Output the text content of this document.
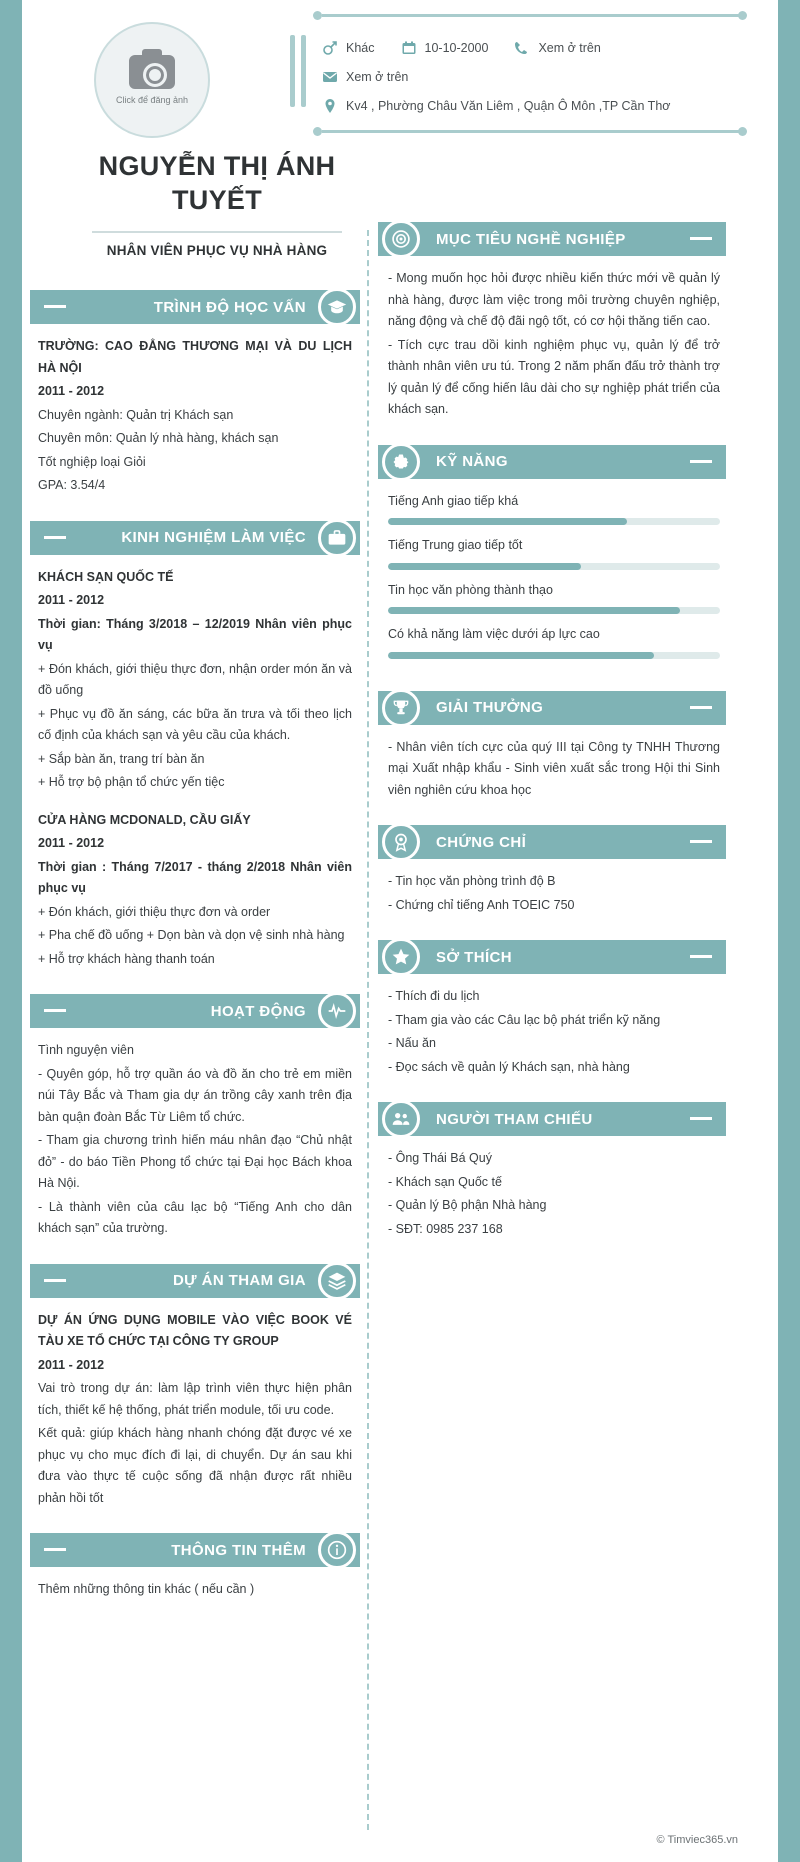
Click để đăng ảnh
Khác	10-10-2000	Xem ở trên
Xem ở trên
Kv4 , Phường Châu Văn Liêm , Quận Ô Môn ,TP Cần Thơ
NGUYỄN THỊ ÁNH TUYẾT
NHÂN VIÊN PHỤC VỤ NHÀ HÀNG
TRÌNH ĐỘ HỌC VẤN

TRƯỜNG: CAO ĐẲNG THƯƠNG MẠI VÀ DU LỊCH HÀ NỘI

2011 - 2012

Chuyên ngành: Quản trị Khách sạn

Chuyên môn: Quản lý nhà hàng, khách sạn

Tốt nghiệp loại Giỏi

GPA: 3.54/4

KINH NGHIỆM LÀM VIỆC

KHÁCH SẠN QUỐC TẾ

2011 - 2012

Thời gian: Tháng 3/2018 – 12/2019 Nhân viên phục vụ

+ Đón khách, giới thiệu thực đơn, nhận order món ăn và đồ uống

+ Phục vụ đồ ăn sáng, các bữa ăn trưa và tối theo lịch cố định của khách sạn và yêu cầu của khách.

+ Sắp bàn ăn, trang trí bàn ăn

+ Hỗ trợ bộ phận tổ chức yến tiệc

CỬA HÀNG MCDONALD, CẦU GIẤY

2011 - 2012

Thời gian : Tháng 7/2017 - tháng 2/2018 Nhân viên phục vụ

+ Đón khách, giới thiệu thực đơn và order

+ Pha chế đồ uống + Dọn bàn và dọn vệ sinh nhà hàng

+ Hỗ trợ khách hàng thanh toán

HOẠT ĐỘNG

Tình nguyện viên

- Quyên góp, hỗ trợ quần áo và đồ ăn cho trẻ em miền núi Tây Bắc và Tham gia dự án trồng cây xanh trên địa bàn quận đoàn Bắc Từ Liêm tổ chức.

- Tham gia chương trình hiến máu nhân đạo “Chủ nhật đỏ” - do báo Tiền Phong tổ chức tại Đại học Bách khoa Hà Nội.

- Là thành viên của câu lạc bộ “Tiếng Anh cho dân khách sạn” của trường.

DỰ ÁN THAM GIA

DỰ ÁN ỨNG DỤNG MOBILE VÀO VIỆC BOOK VÉ TÀU XE TỔ CHỨC TẠI CÔNG TY GROUP

2011 - 2012

Vai trò trong dự án: làm lập trình viên thực hiện phân tích, thiết kế hệ thống, phát triển module, tối ưu code.

Kết quả: giúp khách hàng nhanh chóng đặt được vé xe phục vụ cho mục đích đi lại, di chuyển. Dự án sau khi đưa vào thực tế cuộc sống đã nhận được rất nhiều phản hồi tốt

THÔNG TIN THÊM

Thêm những thông tin khác ( nếu cần )

MỤC TIÊU NGHỀ NGHIỆP

- Mong muốn học hỏi được nhiều kiến thức mới về quản lý nhà hàng, được làm việc trong môi trường chuyên nghiệp, năng động và chế độ đãi ngộ tốt, có cơ hội thăng tiến cao.

- Tích cực trau dồi kinh nghiệm phục vụ, quản lý để trở thành nhân viên ưu tú. Trong 2 năm phấn đấu trở thành trợ lý quản lý để cống hiến lâu dài cho sự nghiệp phát triển của khách sạn.

KỸ NĂNG
Tiếng Anh giao tiếp khá
Tiếng Trung giao tiếp tốt
Tin học văn phòng thành thạo
Có khả năng làm việc dưới áp lực cao
GIẢI THƯỞNG

- Nhân viên tích cực của quý III tại Công ty TNHH Thương mại Xuất nhập khẩu - Sinh viên xuất sắc trong Hội thi Sinh viên nghiên cứu khoa học

CHỨNG CHỈ

- Tin học văn phòng trình độ B

- Chứng chỉ tiếng Anh TOEIC 750

SỞ THÍCH

- Thích đi du lịch

- Tham gia vào các Câu lạc bộ phát triển kỹ năng

- Nấu ăn

- Đọc sách về quản lý Khách sạn, nhà hàng

NGƯỜI THAM CHIẾU

- Ông Thái Bá Quý

- Khách sạn Quốc tế

- Quản lý Bộ phận Nhà hàng

- SĐT: 0985 237 168

© Timviec365.vn
